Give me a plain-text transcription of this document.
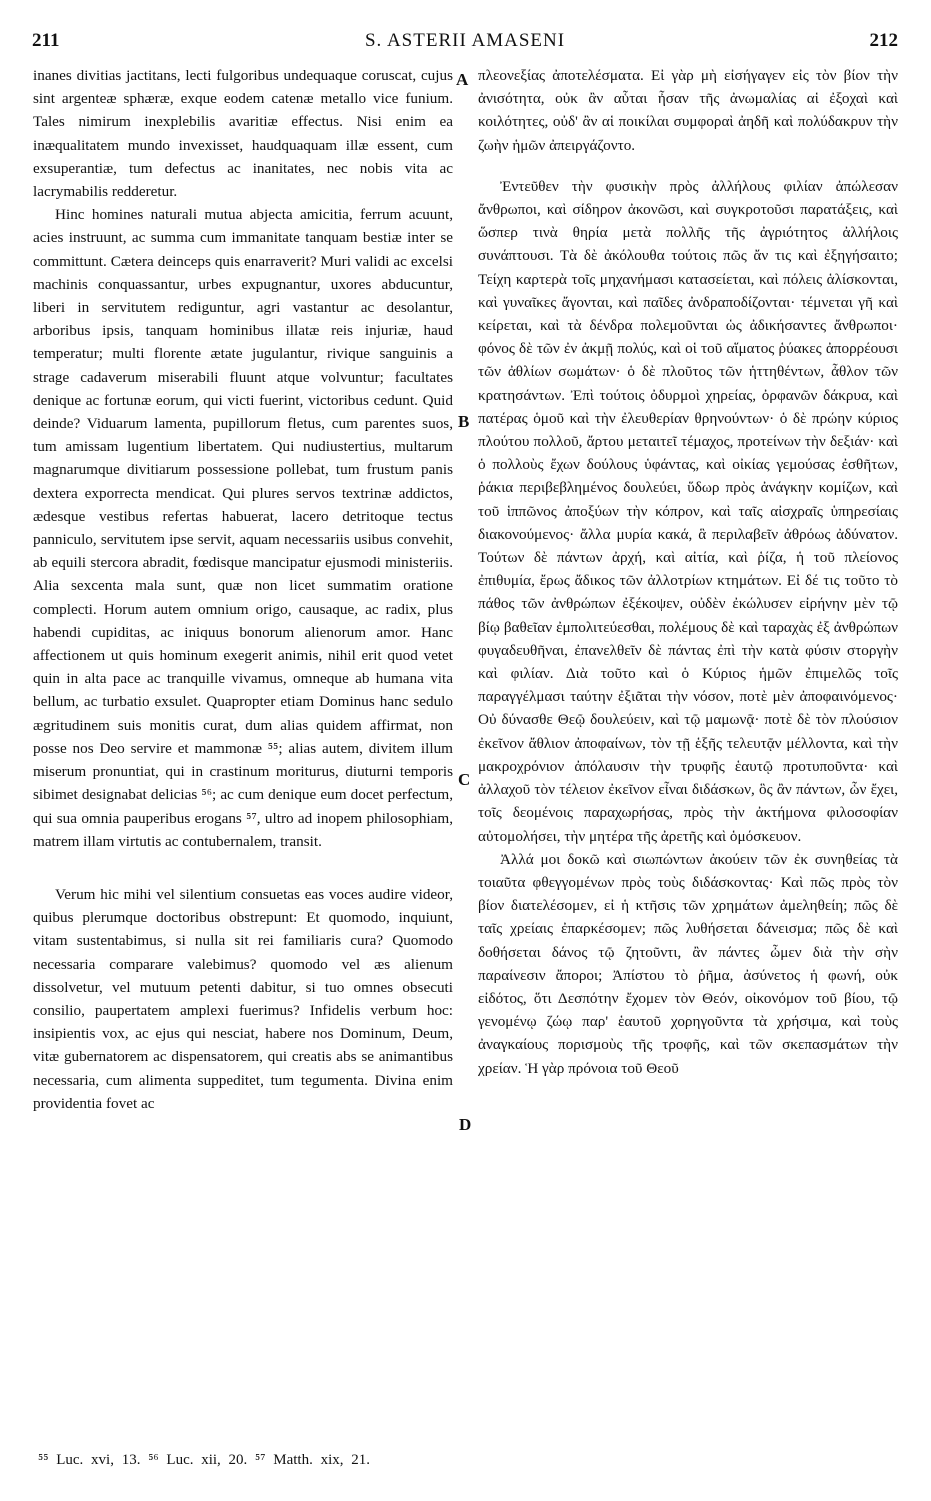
211	S. ASTERII AMASENI	212

inanes divitias jactitans, lecti fulgoribus undequaque coruscat, cujus sint argenteæ sphæræ, exque eodem catenæ metallo vice funium. Tales nimirum inexplebilis avaritiæ effectus. Nisi enim ea inæqualitatem mundo invexisset, haudquaquam illæ essent, cum exsuperantiæ, tum defectus ac inanitates, nec nobis vita ac lacrymabilis redderetur.

Hinc homines naturali mutua abjecta amicitia, ferrum acuunt, acies instruunt, ac summa cum immanitate tanquam bestiæ inter se committunt. Cætera deinceps quis enarraverit? Muri validi ac excelsi machinis conquassantur, urbes expugnantur, uxores abducuntur, liberi in servitutem rediguntur, agri vastantur ac desolantur, arboribus ipsis, tanquam hominibus illatæ reis injuriæ, haud temperatur; multi florente ætate jugulantur, rivique sanguinis a strage cadaverum miserabili fluunt atque volvuntur; facultates denique ac fortunæ eorum, qui victi fuerint, victoribus cedunt. Quid deinde? Viduarum lamenta, pupillorum fletus, cum parentes suos, tum amissam lugentium libertatem. Qui nudiustertius, multarum magnarumque divitiarum possessione pollebat, tum frustum panis dextera exporrecta mendicat. Qui plures servos textrinæ addictos, ædesque vestibus refertas habuerat, lacero detritoque tectus panniculo, servitutem ipse servit, aquam necessariis usibus convehit, ab equili stercora abradit, fœdisque mancipatur ejusmodi ministeriis. Alia sexcenta mala sunt, quæ non licet summatim oratione complecti. Horum autem omnium origo, causaque, ac radix, plus habendi cupiditas, ac iniquus bonorum alienorum amor. Hanc affectionem ut quis hominum exegerit animis, nihil erit quod vetet quin in alta pace ac tranquille vivamus, omneque ab humana vita bellum, ac turbatio exsulet. Quapropter etiam Dominus hanc sedulo ægritudinem suis monitis curat, dum alias quidem affirmat, non posse nos Deo servire et mammonæ ⁵⁵; alias autem, divitem illum miserum pronuntiat, qui in crastinum moriturus, diuturni temporis sibimet designabat delicias ⁵⁶; ac cum denique eum docet perfectum, qui sua omnia pauperibus erogans ⁵⁷, ultro ad inopem philosophiam, matrem illam virtutis ac contubernalem, transit.

Verum hic mihi vel silentium consuetas eas voces audire videor, quibus plerumque doctoribus obstrepunt: Et quomodo, inquiunt, vitam sustentabimus, si nulla sit rei familiaris cura? Quomodo necessaria comparare valebimus? quomodo vel æs alienum dissolvetur, vel mutuum petenti dabitur, si tuo omnes obsecuti consilio, paupertatem amplexi fuerimus? Infidelis verbum hoc: insipientis vox, ac ejus qui nesciat, habere nos Dominum, Deum, vitæ gubernatorem ac dispensatorem, qui creatis abs se animantibus necessaria, cum alimenta suppeditet, tum tegumenta. Divina enim providentia fovet ac

πλεονεξίας ἀποτελέσματα. Εἰ γὰρ μὴ εἰσήγαγεν εἰς τὸν βίον τὴν ἀνισότητα, οὐκ ἂν αὗται ἦσαν τῆς ἀνωμαλίας αἱ ἐξοχαὶ καὶ κοιλότητες, οὐδ' ἂν αἱ ποικίλαι συμφοραὶ ἀηδῆ καὶ πολύδακρυν τὴν ζωὴν ἡμῶν ἀπειργάζοντο.

Ἐντεῦθεν τὴν φυσικὴν πρὸς ἀλλήλους φιλίαν ἀπώλεσαν ἄνθρωποι, καὶ σίδηρον ἀκονῶσι, καὶ συγκροτοῦσι παρατάξεις, καὶ ὥσπερ τινὰ θηρία μετὰ πολλῆς τῆς ἀγριότητος ἀλλήλοις συνάπτουσι. Τὰ δὲ ἀκόλουθα τούτοις πῶς ἄν τις καὶ ἐξηγήσαιτο; Τείχη καρτερὰ τοῖς μηχανήμασι κατασείεται, καὶ πόλεις ἁλίσκονται, καὶ γυναῖκες ἄγονται, καὶ παῖδες ἀνδραποδίζονται· τέμνεται γῆ καὶ κείρεται, καὶ τὰ δένδρα πολεμοῦνται ὡς ἀδικήσαντες ἄνθρωποι· φόνος δὲ τῶν ἐν ἀκμῇ πολύς, καὶ οἱ τοῦ αἵματος ῥύακες ἀπορρέουσι τῶν ἀθλίων σωμάτων· ὁ δὲ πλοῦτος τῶν ἡττηθέντων, ἆθλον τῶν κρατησάντων. Ἐπὶ τούτοις ὀδυρμοὶ χηρείας, ὀρφανῶν δάκρυα, καὶ πατέρας ὁμοῦ καὶ τὴν ἐλευθερίαν θρηνούντων· ὁ δὲ πρώην κύριος πλούτου πολλοῦ, ἄρτου μεταιτεῖ τέμαχος, προτείνων τὴν δεξιάν· καὶ ὁ πολλοὺς ἔχων δούλους ὑφάντας, καὶ οἰκίας γεμούσας ἐσθῆτων, ῥάκια περιβεβλημένος δουλεύει, ὕδωρ πρὸς ἀνάγκην κομίζων, καὶ τοῦ ἱππῶνος ἀποξύων τὴν κόπρον, καὶ ταῖς αἰσχραῖς ὑπηρεσίαις διακονούμενος· ἄλλα μυρία κακά, ἃ περιλαβεῖν ἀθρόως ἀδύνατον. Τούτων δὲ πάντων ἀρχή, καὶ αἰτία, καὶ ῥίζα, ἡ τοῦ πλείονος ἐπιθυμία, ἔρως ἄδικος τῶν ἀλλοτρίων κτημάτων. Εἰ δέ τις τοῦτο τὸ πάθος τῶν ἀνθρώπων ἐξέκοψεν, οὐδὲν ἐκώλυσεν εἰρήνην μὲν τῷ βίῳ βαθεῖαν ἐμπολιτεύεσθαι, πολέμους δὲ καὶ ταραχὰς ἐξ ἀνθρώπων φυγαδευθῆναι, ἐπανελθεῖν δὲ πάντας ἐπὶ τὴν κατὰ φύσιν στοργὴν καὶ φιλίαν. Διὰ τοῦτο καὶ ὁ Κύριος ἡμῶν ἐπιμελῶς τοῖς παραγγέλμασι ταύτην ἐξιᾶται τὴν νόσον, ποτὲ μὲν ἀποφαινόμενος· Οὐ δύνασθε Θεῷ δουλεύειν, καὶ τῷ μαμωνᾷ· ποτὲ δὲ τὸν πλούσιον ἐκεῖνον ἄθλιον ἀποφαίνων, τὸν τῇ ἑξῆς τελευτᾷν μέλλοντα, καὶ τὴν μακροχρόνιον ἀπόλαυσιν τὴν τρυφῆς ἑαυτῷ προτυποῦντα· καὶ ἀλλαχοῦ τὸν τέλειον ἐκεῖνον εἶναι διδάσκων, ὃς ἂν πάντων, ὧν ἔχει, τοῖς δεομένοις παραχωρήσας, πρὸς τὴν ἀκτήμονα φιλοσοφίαν αὐτομολήσει, τὴν μητέρα τῆς ἀρετῆς καὶ ὁμόσκευον.

Ἀλλά μοι δοκῶ καὶ σιωπώντων ἀκούειν τῶν ἐκ συνηθείας τὰ τοιαῦτα φθεγγομένων πρὸς τοὺς διδάσκοντας· Καὶ πῶς πρὸς τὸν βίον διατελέσομεν, εἰ ἡ κτῆσις τῶν χρημάτων ἀμεληθείη; πῶς δὲ ταῖς χρείαις ἐπαρκέσομεν; πῶς λυθήσεται δάνεισμα; πῶς δὲ καὶ δοθήσεται δάνος τῷ ζητοῦντι, ἂν πάντες ὦμεν διὰ τὴν σὴν παραίνεσιν ἄποροι; Ἀπίστου τὸ ῥῆμα, ἀσύνετος ἡ φωνή, οὐκ εἰδότος, ὅτι Δεσπότην ἔχομεν τὸν Θεόν, οἰκονόμον τοῦ βίου, τῷ γενομένῳ ζώῳ παρ' ἑαυτοῦ χορηγοῦντα τὰ χρήσιμα, καὶ τοὺς ἀναγκαίους πορισμοὺς τῆς τροφῆς, καὶ τῶν σκεπασμάτων τὴν χρείαν. Ἡ γὰρ πρόνοια τοῦ Θεοῦ

A
B
C
D
⁵⁵ Luc. xvi, 13. ⁵⁶ Luc. xii, 20. ⁵⁷ Matth. xix, 21.
